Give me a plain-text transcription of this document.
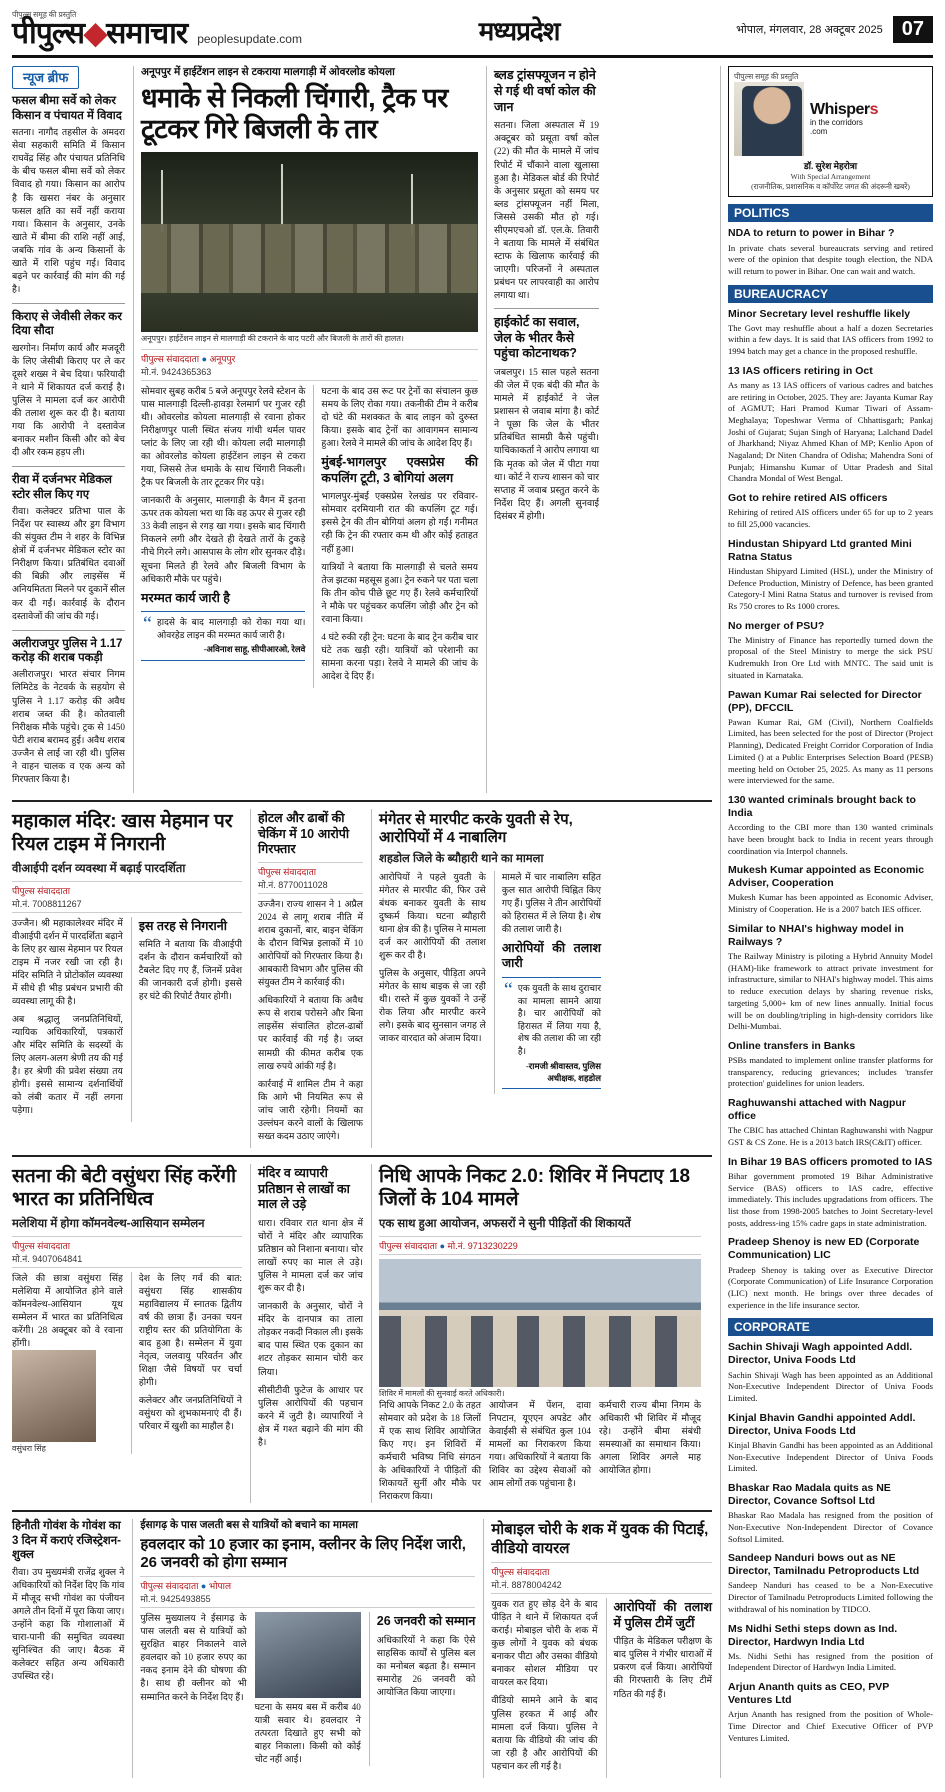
पीपुल्स समूह की प्रस्तुति
पीपुल्स◆समाचार peoplesupdate.com	मध्यप्रदेश	भोपाल, मंगलवार, 28 अक्टूबर 2025 07
न्यूज ब्रीफ
फसल बीमा सर्वे को लेकर किसान व पंचायत में विवाद
सतना। नागौद तहसील के अमदरा सेवा सहकारी समिति में किसान राघवेंद्र सिंह और पंचायत प्रतिनिधि के बीच फसल बीमा सर्वे को लेकर विवाद हो गया। किसान का आरोप है कि खसरा नंबर के अनुसार फसल क्षति का सर्वे नहीं कराया गया। किसान के अनुसार, उनके खाते में बीमा की राशि नहीं आई, जबकि गांव के अन्य किसानों के खाते में राशि पहुंच गई। विवाद बढ़ने पर कार्रवाई की मांग की गई है।
किराए से जेवीसी लेकर कर दिया सौदा
खरगोन। निर्माण कार्य और मजदूरी के लिए जेसीबी किराए पर ले कर दूसरे शख्स ने बेच दिया। फरियादी ने थाने में शिकायत दर्ज कराई है। पुलिस ने मामला दर्ज कर आरोपी की तलाश शुरू कर दी है। बताया गया कि आरोपी ने दस्तावेज बनाकर मशीन किसी और को बेच दी और रकम हड़प ली।
रीवा में दर्जनभर मेडिकल स्टोर सील किए गए
रीवा। कलेक्टर प्रतिभा पाल के निर्देश पर स्वास्थ्य और ड्रग विभाग की संयुक्त टीम ने शहर के विभिन्न क्षेत्रों में दर्जनभर मेडिकल स्टोर का निरीक्षण किया। प्रतिबंधित दवाओं की बिक्री और लाइसेंस में अनियमितता मिलने पर दुकानें सील कर दी गईं। कार्रवाई के दौरान दस्तावेजों की जांच की गई।
अलीराजपुर पुलिस ने 1.17 करोड़ की शराब पकड़ी
अलीराजपुर। भारत संचार निगम लिमिटेड के नेटवर्क के सहयोग से पुलिस ने 1.17 करोड़ की अवैध शराब जब्त की है। कोतवाली निरीक्षक मौके पहुंचे। ट्रक से 1450 पेटी शराब बरामद हुई। अवैध शराब उज्जैन से लाई जा रही थी। पुलिस ने वाहन चालक व एक अन्य को गिरफ्तार किया है।
अनूपपुर में हाईटेंशन लाइन से टकराया मालगाड़ी में ओवरलोड कोयला
धमाके से निकली चिंगारी, ट्रैक पर टूटकर गिरे बिजली के तार
अनूपपुर। हाईटेंशन लाइन से मालगाड़ी की टकराने के बाद पटरी और बिजली के तारों की हालत।
पीपुल्स संवाददाता ● अनूपपुर
मो.नं. 9424365363

सोमवार सुबह करीब 5 बजे अनूपपुर रेलवे स्टेशन के पास मालगाड़ी दिल्ली-हावड़ा रेलमार्ग पर गुजर रही थी। ओवरलोड कोयला मालगाड़ी से रवाना होकर निरीक्षणपुर पाली स्थित संजय गांधी थर्मल पावर प्लांट के लिए जा रही थी। कोयला लदी मालगाड़ी का ओवरलोड कोयला हाईटेंशन लाइन से टकरा गया, जिससे तेज धमाके के साथ चिंगारी निकली। ट्रैक पर बिजली के तार टूटकर गिर पड़े।

जानकारी के अनुसार, मालगाड़ी के वैगन में इतना ऊपर तक कोयला भरा था कि वह ऊपर से गुजर रही 33 केवी लाइन से रगड़ खा गया। इसके बाद चिंगारी निकलने लगी और देखते ही देखते तारों के टुकड़े नीचे गिरने लगे। आसपास के लोग शोर सुनकर दौड़े। सूचना मिलते ही रेलवे और बिजली विभाग के अधिकारी मौके पर पहुंचे।

मरम्मत कार्य जारी है
“ हादसे के बाद मालगाड़ी को रोका गया था। ओवरहेड लाइन की मरम्मत कार्य जारी है।
-अविनाश साहू, सीपीआरओ, रेलवे

घटना के बाद उस रूट पर ट्रेनों का संचालन कुछ समय के लिए रोका गया। तकनीकी टीम ने करीब दो घंटे की मशक्कत के बाद लाइन को दुरुस्त किया। इसके बाद ट्रेनों का आवागमन सामान्य हुआ। रेलवे ने मामले की जांच के आदेश दिए हैं।

मुंबई-भागलपुर एक्सप्रेस की कपलिंग टूटी, 3 बोगियां अलग

भागलपुर-मुंबई एक्सप्रेस रेलखंड पर रविवार-सोमवार दरमियानी रात की कपलिंग टूट गई। इससे ट्रेन की तीन बोगियां अलग हो गईं। गनीमत रही कि ट्रेन की रफ्तार कम थी और कोई हताहत नहीं हुआ।

यात्रियों ने बताया कि मालगाड़ी से चलते समय तेज झटका महसूस हुआ। ट्रेन रुकने पर पता चला कि तीन कोच पीछे छूट गए हैं। रेलवे कर्मचारियों ने मौके पर पहुंचकर कपलिंग जोड़ी और ट्रेन को रवाना किया।

4 घंटे रुकी रही ट्रेन: घटना के बाद ट्रेन करीब चार घंटे तक खड़ी रही। यात्रियों को परेशानी का सामना करना पड़ा। रेलवे ने मामले की जांच के आदेश दे दिए हैं।

ब्लड ट्रांसफ्यूजन न होने से गई थी वर्षा कोल की जान
सतना। जिला अस्पताल में 19 अक्टूबर को प्रसूता वर्षा कोल (22) की मौत के मामले में जांच रिपोर्ट में चौंकाने वाला खुलासा हुआ है। मेडिकल बोर्ड की रिपोर्ट के अनुसार प्रसूता को समय पर ब्लड ट्रांसफ्यूजन नहीं मिला, जिससे उसकी मौत हो गई। सीएमएचओ डॉ. एल.के. तिवारी ने बताया कि मामले में संबंधित स्टाफ के खिलाफ कार्रवाई की जाएगी। परिजनों ने अस्पताल प्रबंधन पर लापरवाही का आरोप लगाया था।
हाईकोर्ट का सवाल, जेल के भीतर कैसे पहुंचा कोटनाथक?
जबलपुर। 15 साल पहले सतना की जेल में एक बंदी की मौत के मामले में हाईकोर्ट ने जेल प्रशासन से जवाब मांगा है। कोर्ट ने पूछा कि जेल के भीतर प्रतिबंधित सामग्री कैसे पहुंची। याचिकाकर्ता ने आरोप लगाया था कि मृतक को जेल में पीटा गया था। कोर्ट ने राज्य शासन को चार सप्ताह में जवाब प्रस्तुत करने के निर्देश दिए हैं। अगली सुनवाई दिसंबर में होगी।
महाकाल मंदिर: खास मेहमान पर रियल टाइम में निगरानी
वीआईपी दर्शन व्यवस्था में बढ़ाई पारदर्शिता
पीपुल्स संवाददाता
मो.नं. 7008811267

उज्जैन। श्री महाकालेश्वर मंदिर में वीआईपी दर्शन में पारदर्शिता बढ़ाने के लिए हर खास मेहमान पर रियल टाइम में नजर रखी जा रही है। मंदिर समिति ने प्रोटोकॉल व्यवस्था में सीधे ही भीड़ प्रबंधन प्रभारी की व्यवस्था लागू की है।

अब श्रद्धालु जनप्रतिनिधियों, न्यायिक अधिकारियों, पत्रकारों और मंदिर समिति के सदस्यों के लिए अलग-अलग श्रेणी तय की गई है। हर श्रेणी की प्रवेश संख्या तय होगी। इससे सामान्य दर्शनार्थियों को लंबी कतार में नहीं लगना पड़ेगा।

इस तरह से निगरानी

समिति ने बताया कि वीआईपी दर्शन के दौरान कर्मचारियों को टैबलेट दिए गए हैं, जिनमें प्रवेश की जानकारी दर्ज होगी। इससे हर घंटे की रिपोर्ट तैयार होगी।

होटल और ढाबों की चेकिंग में 10 आरोपी गिरफ्तार
पीपुल्स संवाददाता
मो.नं. 8770011028

उज्जैन। राज्य शासन ने 1 अप्रैल 2024 से लागू शराब नीति में शराब दुकानों, बार, बाइन चेकिंग के दौरान विभिन्न इलाकों में 10 आरोपियों को गिरफ्तार किया है। आबकारी विभाग और पुलिस की संयुक्त टीम ने कार्रवाई की।

अधिकारियों ने बताया कि अवैध रूप से शराब परोसने और बिना लाइसेंस संचालित होटल-ढाबों पर कार्रवाई की गई है। जब्त सामग्री की कीमत करीब एक लाख रुपये आंकी गई है।

कार्रवाई में शामिल टीम ने कहा कि आगे भी नियमित रूप से जांच जारी रहेगी। नियमों का उल्लंघन करने वालों के खिलाफ सख्त कदम उठाए जाएंगे।

मंगेतर से मारपीट करके युवती से रेप, आरोपियों में 4 नाबालिग
शहडोल जिले के ब्यौहारी थाने का मामला

आरोपियों ने पहले युवती के मंगेतर से मारपीट की, फिर उसे बंधक बनाकर युवती के साथ दुष्कर्म किया। घटना ब्यौहारी थाना क्षेत्र की है। पुलिस ने मामला दर्ज कर आरोपियों की तलाश शुरू कर दी है।

पुलिस के अनुसार, पीड़िता अपने मंगेतर के साथ बाइक से जा रही थी। रास्ते में कुछ युवकों ने उन्हें रोक लिया और मारपीट करने लगे। इसके बाद सुनसान जगह ले जाकर वारदात को अंजाम दिया।

मामले में चार नाबालिग सहित कुल सात आरोपी चिह्नित किए गए हैं। पुलिस ने तीन आरोपियों को हिरासत में ले लिया है। शेष की तलाश जारी है।

आरोपियों की तलाश जारी
“ एक युवती के साथ दुराचार का मामला सामने आया है। चार आरोपियों को हिरासत में लिया गया है, शेष की तलाश की जा रही है।
-रामजी श्रीवास्तव, पुलिस अधीक्षक, शहडोल
सतना की बेटी वसुंधरा सिंह करेंगी भारत का प्रतिनिधित्व
मलेशिया में होगा कॉमनवेल्थ-आसियान सम्मेलन
पीपुल्स संवाददाता
मो.नं. 9407064841
जिले की छात्रा वसुंधरा सिंह मलेशिया में आयोजित होने वाले कॉमनवेल्थ-आसियान यूथ सम्मेलन में भारत का प्रतिनिधित्व करेंगी। 28 अक्टूबर को वे रवाना होंगी।
वसुंधरा सिंह

देश के लिए गर्व की बात: वसुंधरा सिंह शासकीय महाविद्यालय में स्नातक द्वितीय वर्ष की छात्रा हैं। उनका चयन राष्ट्रीय स्तर की प्रतियोगिता के बाद हुआ है। सम्मेलन में युवा नेतृत्व, जलवायु परिवर्तन और शिक्षा जैसे विषयों पर चर्चा होगी।

कलेक्टर और जनप्रतिनिधियों ने वसुंधरा को शुभकामनाएं दी हैं। परिवार में खुशी का माहौल है।

मंदिर व व्यापारी प्रतिष्ठान से लाखों का माल ले उड़े

धारा। रविवार रात थाना क्षेत्र में चोरों ने मंदिर और व्यापारिक प्रतिष्ठान को निशाना बनाया। चोर लाखों रुपए का माल ले उड़े। पुलिस ने मामला दर्ज कर जांच शुरू कर दी है।

जानकारी के अनुसार, चोरों ने मंदिर के दानपात्र का ताला तोड़कर नकदी निकाल ली। इसके बाद पास स्थित एक दुकान का शटर तोड़कर सामान चोरी कर लिया।

सीसीटीवी फुटेज के आधार पर पुलिस आरोपियों की पहचान करने में जुटी है। व्यापारियों ने क्षेत्र में गश्त बढ़ाने की मांग की है।

निधि आपके निकट 2.0: शिविर में निपटाए 18 जिलों के 104 मामले
एक साथ हुआ आयोजन, अफसरों ने सुनी पीड़ितों की शिकायतें
पीपुल्स संवाददाता ● मो.नं. 9713230229
शिविर में मामलों की सुनवाई करते अधिकारी।

निधि आपके निकट 2.0 के तहत सोमवार को प्रदेश के 18 जिलों में एक साथ शिविर आयोजित किए गए। इन शिविरों में कर्मचारी भविष्य निधि संगठन के अधिकारियों ने पीड़ितों की शिकायतें सुनीं और मौके पर निराकरण किया।

आयोजन में पेंशन, दावा निपटान, यूएएन अपडेट और केवाईसी से संबंधित कुल 104 मामलों का निराकरण किया गया। अधिकारियों ने बताया कि शिविर का उद्देश्य सेवाओं को आम लोगों तक पहुंचाना है।

कर्मचारी राज्य बीमा निगम के अधिकारी भी शिविर में मौजूद रहे। उन्होंने बीमा संबंधी समस्याओं का समाधान किया। अगला शिविर अगले माह आयोजित होगा।

हिनौती गोवंश के गोवंश का 3 दिन में कराएं रजिस्ट्रेशन-शुक्ल
रीवा। उप मुख्यमंत्री राजेंद्र शुक्ल ने अधिकारियों को निर्देश दिए कि गांव में मौजूद सभी गोवंश का पंजीयन अगले तीन दिनों में पूरा किया जाए। उन्होंने कहा कि गोशालाओं में चारा-पानी की समुचित व्यवस्था सुनिश्चित की जाए। बैठक में कलेक्टर सहित अन्य अधिकारी उपस्थित रहे।
ईसागढ़ के पास जलती बस से यात्रियों को बचाने का मामला
हवलदार को 10 हजार का इनाम, क्लीनर के लिए निर्देश जारी, 26 जनवरी को होगा सम्मान
पीपुल्स संवाददाता ● भोपाल
मो.नं. 9425493855

पुलिस मुख्यालय ने ईसागढ़ के पास जलती बस से यात्रियों को सुरक्षित बाहर निकालने वाले हवलदार को 10 हजार रुपए का नकद इनाम देने की घोषणा की है। साथ ही क्लीनर को भी सम्मानित करने के निर्देश दिए हैं।

घटना के समय बस में करीब 40 यात्री सवार थे। हवलदार ने तत्परता दिखाते हुए सभी को बाहर निकाला। किसी को कोई चोट नहीं आई।
26 जनवरी को सम्मान

अधिकारियों ने कहा कि ऐसे साहसिक कार्यों से पुलिस बल का मनोबल बढ़ता है। सम्मान समारोह 26 जनवरी को आयोजित किया जाएगा।

मोबाइल चोरी के शक में युवक की पिटाई, वीडियो वायरल
पीपुल्स संवाददाता
मो.नं. 8878004242

युवक रात हुए छोड़ देने के बाद पीड़ित ने थाने में शिकायत दर्ज कराई। मोबाइल चोरी के शक में कुछ लोगों ने युवक को बंधक बनाकर पीटा और उसका वीडियो बनाकर सोशल मीडिया पर वायरल कर दिया।

वीडियो सामने आने के बाद पुलिस हरकत में आई और मामला दर्ज किया। पुलिस ने बताया कि वीडियो की जांच की जा रही है और आरोपियों की पहचान कर ली गई है।

आरोपियों की तलाश में पुलिस टीमें जुटीं

पीड़ित के मेडिकल परीक्षण के बाद पुलिस ने गंभीर धाराओं में प्रकरण दर्ज किया। आरोपियों की गिरफ्तारी के लिए टीमें गठित की गई हैं।

पीपुल्स समूह की प्रस्तुति
Whispers
in the corridors
.com
डॉ. सुरेश मेहरोत्रा
With Special Arrangement
(राजनीतिक, प्रशासनिक व कॉर्पोरेट जगत की अंदरूनी खबरें)
POLITICS
NDA to return to power in Bihar ?

In private chats several bureaucrats serving and retired were of the opinion that despite tough election, the NDA will return to power in Bihar. One can wait and watch.

BUREAUCRACY
Minor Secretary level reshuffle likely

The Govt may reshuffle about a half a dozen Secretaries within a few days. It is said that IAS officers from 1992 to 1994 batch may get a chance in the proposed reshuffle.

13 IAS officers retiring in Oct

As many as 13 IAS officers of various cadres and batches are retiring in October, 2025. They are: Jayanta Kumar Ray of AGMUT; Hari Pramod Kumar Tiwari of Assam-Meghalaya; Topeshwar Verma of Chhattisgarh; Pankaj Joshi of Gujarat; Sujan Singh of Haryana; Lalchand Dadel of Jharkhand; Niyaz Ahmed Khan of MP; Kenlio Apon of Nagaland; Dr Niten Chandra of Odisha; Mahendra Soni of Punjab; Himanshu Kumar of Uttar Pradesh and Sital Chandra Mondal of West Bengal.

Got to rehire retired AIS officers

Rehiring of retired AIS officers under 65 for up to 2 years to fill 25,000 vacancies.

Hindustan Shipyard Ltd granted Mini Ratna Status

Hindustan Shipyard Limited (HSL), under the Ministry of Defence Production, Ministry of Defence, has been granted Category-I Mini Ratna Status and turnover is revised from Rs 750 crores to Rs 1000 crores.

No merger of PSU?

The Ministry of Finance has reportedly turned down the proposal of the Steel Ministry to merge the sick PSU Kudremukh Iron Ore Ltd with MNTC. The said unit is situated in Karnataka.

Pawan Kumar Rai selected for Director (PP), DFCCIL

Pawan Kumar Rai, GM (Civil), Northern Coalfields Limited, has been selected for the post of Director (Project Planning), Dedicated Freight Corridor Corporation of India Limited () at a Public Enterprises Selection Board (PESB) meeting held on October 25, 2025. As many as 11 persons were interviewed for the same.

130 wanted criminals brought back to India

According to the CBI more than 130 wanted criminals have been brought back to India in recent years through coordination via Interpol channels.

Mukesh Kumar appointed as Economic Adviser, Cooperation

Mukesh Kumar has been appointed as Economic Adviser, Ministry of Cooperation. He is a 2007 batch IES officer.

Similar to NHAI's highway model in Railways ?

The Railway Ministry is piloting a Hybrid Annuity Model (HAM)-like framework to attract private investment for infrastructure, similar to NHAI's highway model. This aims to reduce execution delays by sharing revenue risks, targeting 5,000+ km of new lines annually. Initial focus will be on doubling/tripling in high-density corridors like Delhi-Mumbai.

Online transfers in Banks

PSBs mandated to implement online transfer platforms for transparency, reducing grievances; includes 'transfer protection' guidelines for union leaders.

Raghuwanshi attached with Nagpur office

The CBIC has attached Chintan Raghuwanshi with Nagpur GST & CS Zone. He is a 2013 batch IRS(C&IT) officer.

In Bihar 19 BAS officers promoted to IAS

Bihar government promoted 19 Bihar Administrative Service (BAS) officers to IAS cadre, effective immediately. This includes upgradations from officers. The list those from 1998-2005 batches to Joint Secretary-level posts, address-ing 15% cadre gaps in state administration.

Pradeep Shenoy is new ED (Corporate Communication) LIC

Pradeep Shenoy is taking over as Executive Director (Corporate Communication) of Life Insurance Corporation (LIC) next month. He brings over three decades of experience in the life insurance sector.

CORPORATE
Sachin Shivaji Wagh appointed Addl. Director, Univa Foods Ltd

Sachin Shivaji Wagh has been appointed as an Additional Non-Executive Independent Director of Univa Foods Limited.

Kinjal Bhavin Gandhi appointed Addl. Director, Univa Foods Ltd

Kinjal Bhavin Gandhi has been appointed as an Additional Non-Executive Independent Director of Univa Foods Limited.

Bhaskar Rao Madala quits as NE Director, Covance Softsol Ltd

Bhaskar Rao Madala has resigned from the position of Non-Executive Non-Independent Director of Covance Softsol Limited.

Sandeep Nanduri bows out as NE Director, Tamilnadu Petroproducts Ltd

Sandeep Nanduri has ceased to be a Non-Executive Director of Tamilnadu Petroproducts Limited following the withdrawal of his nomination by TIDCO.

Ms Nidhi Sethi steps down as Ind. Director, Hardwyn India Ltd

Ms. Nidhi Sethi has resigned from the position of Independent Director of Hardwyn India Limited.

Arjun Ananth quits as CEO, PVP Ventures Ltd

Arjun Ananth has resigned from the position of Whole-Time Director and Chief Executive Officer of PVP Ventures Limited.
